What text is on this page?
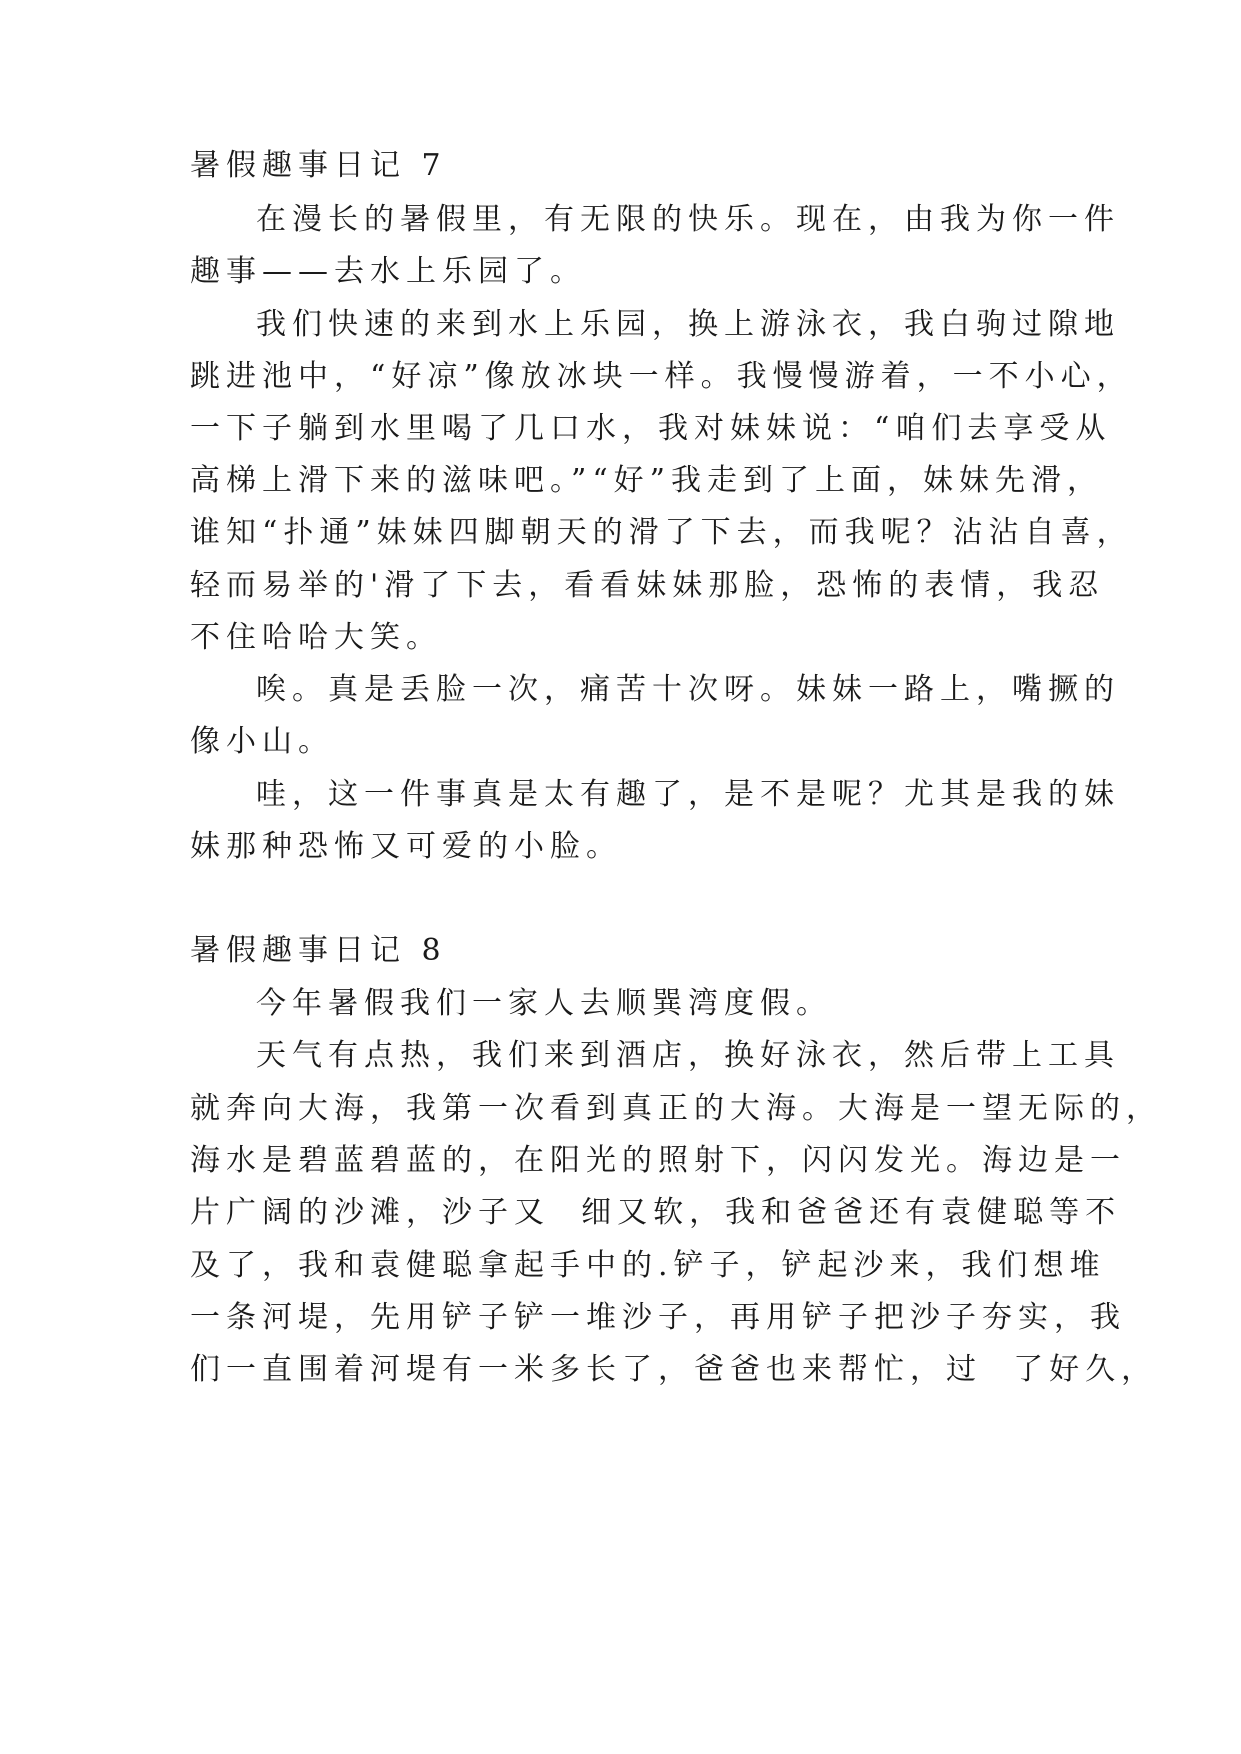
暑假趣事日记 7
在漫长的暑假里，有无限的快乐。现在，由我为你一件
趣事——去水上乐园了。
我们快速的来到水上乐园，换上游泳衣，我白驹过隙地
跳进池中，“好凉”像放冰块一样。我慢慢游着，一不小心，
一下子躺到水里喝了几口水，我对妹妹说：“咱们去享受从
高梯上滑下来的滋味吧。”“好”我走到了上面，妹妹先滑，
谁知“扑通”妹妹四脚朝天的滑了下去，而我呢？沾沾自喜，
轻而易举的'滑了下去，看看妹妹那脸，恐怖的表情，我忍
不住哈哈大笑。
唉。真是丢脸一次，痛苦十次呀。妹妹一路上，嘴撅的
像小山。
哇，这一件事真是太有趣了，是不是呢？尤其是我的妹
妹那种恐怖又可爱的小脸。
暑假趣事日记 8
今年暑假我们一家人去顺巽湾度假。
天气有点热，我们来到酒店，换好泳衣，然后带上工具
就奔向大海，我第一次看到真正的大海。大海是一望无际的，
海水是碧蓝碧蓝的，在阳光的照射下，闪闪发光。海边是一
片广阔的沙滩，沙子又  细又软，我和爸爸还有袁健聪等不
及了，我和袁健聪拿起手中的.铲子，铲起沙来，我们想堆
一条河堤，先用铲子铲一堆沙子，再用铲子把沙子夯实，我
们一直围着河堤有一米多长了，爸爸也来帮忙，过  了好久，
